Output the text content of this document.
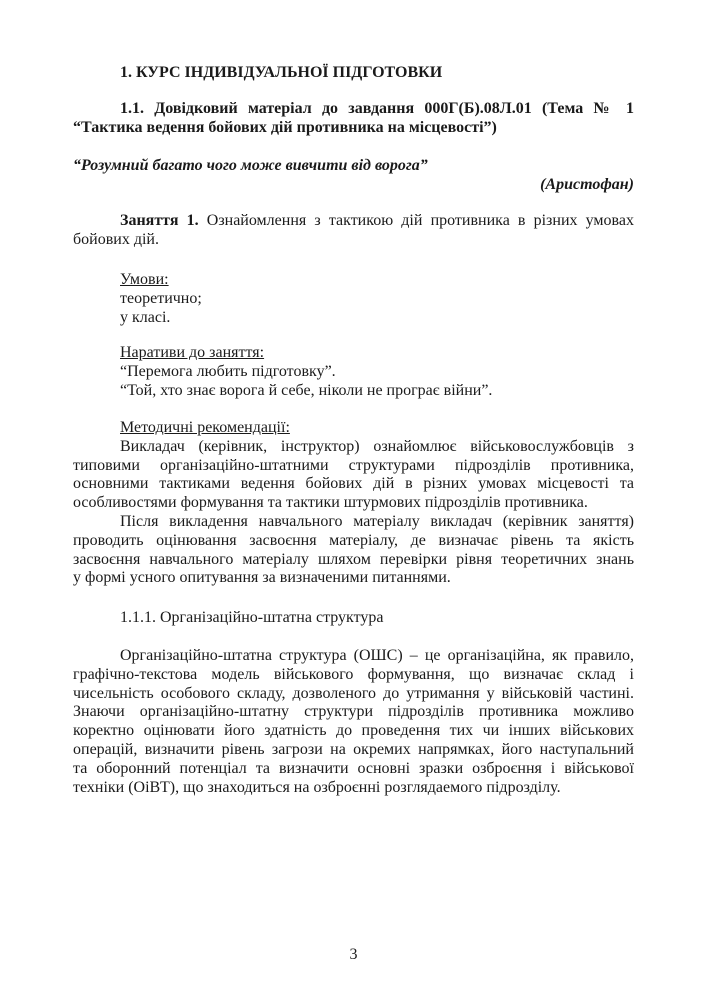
1. КУРС ІНДИВІДУАЛЬНОЇ ПІДГОТОВКИ
1.1. Довідковий матеріал до завдання 000Г(Б).08Л.01 (Тема № 1
“Тактика ведення бойових дій противника на місцевості”)
“Розумний багато чого може вивчити від ворога”
(Аристофан)
Заняття 1. Ознайомлення з тактикою дій противника в різних умовах
бойових дій.
Умови:
теоретично;
у класі.
Наративи до заняття:
“Перемога любить підготовку”.
“Той, хто знає ворога й себе, ніколи не програє війни”.
Методичні рекомендації:
Викладач (керівник, інструктор) ознайомлює військовослужбовців з
типовими організаційно-штатними структурами підрозділів противника,
основними тактиками ведення бойових дій в різних умовах місцевості та
особливостями формування та тактики штурмових підрозділів противника.
Після викладення навчального матеріалу викладач (керівник заняття)
проводить оцінювання засвоєння матеріалу, де визначає рівень та якість
засвоєння навчального матеріалу шляхом перевірки рівня теоретичних знань
у формі усного опитування за визначеними питаннями.
1.1.1. Організаційно-штатна структура
Організаційно-штатна структура (ОШС) – це організаційна, як правило,
графічно-текстова модель військового формування, що визначає склад і
чисельність особового складу, дозволеного до утримання у військовій частині.
Знаючи організаційно-штатну структури підрозділів противника можливо
коректно оцінювати його здатність до проведення тих чи інших військових
операцій, визначити рівень загрози на окремих напрямках, його наступальний
та оборонний потенціал та визначити основні зразки озброєння і військової
техніки (ОіВТ), що знаходиться на озброєнні розглядаемого підрозділу.
3
